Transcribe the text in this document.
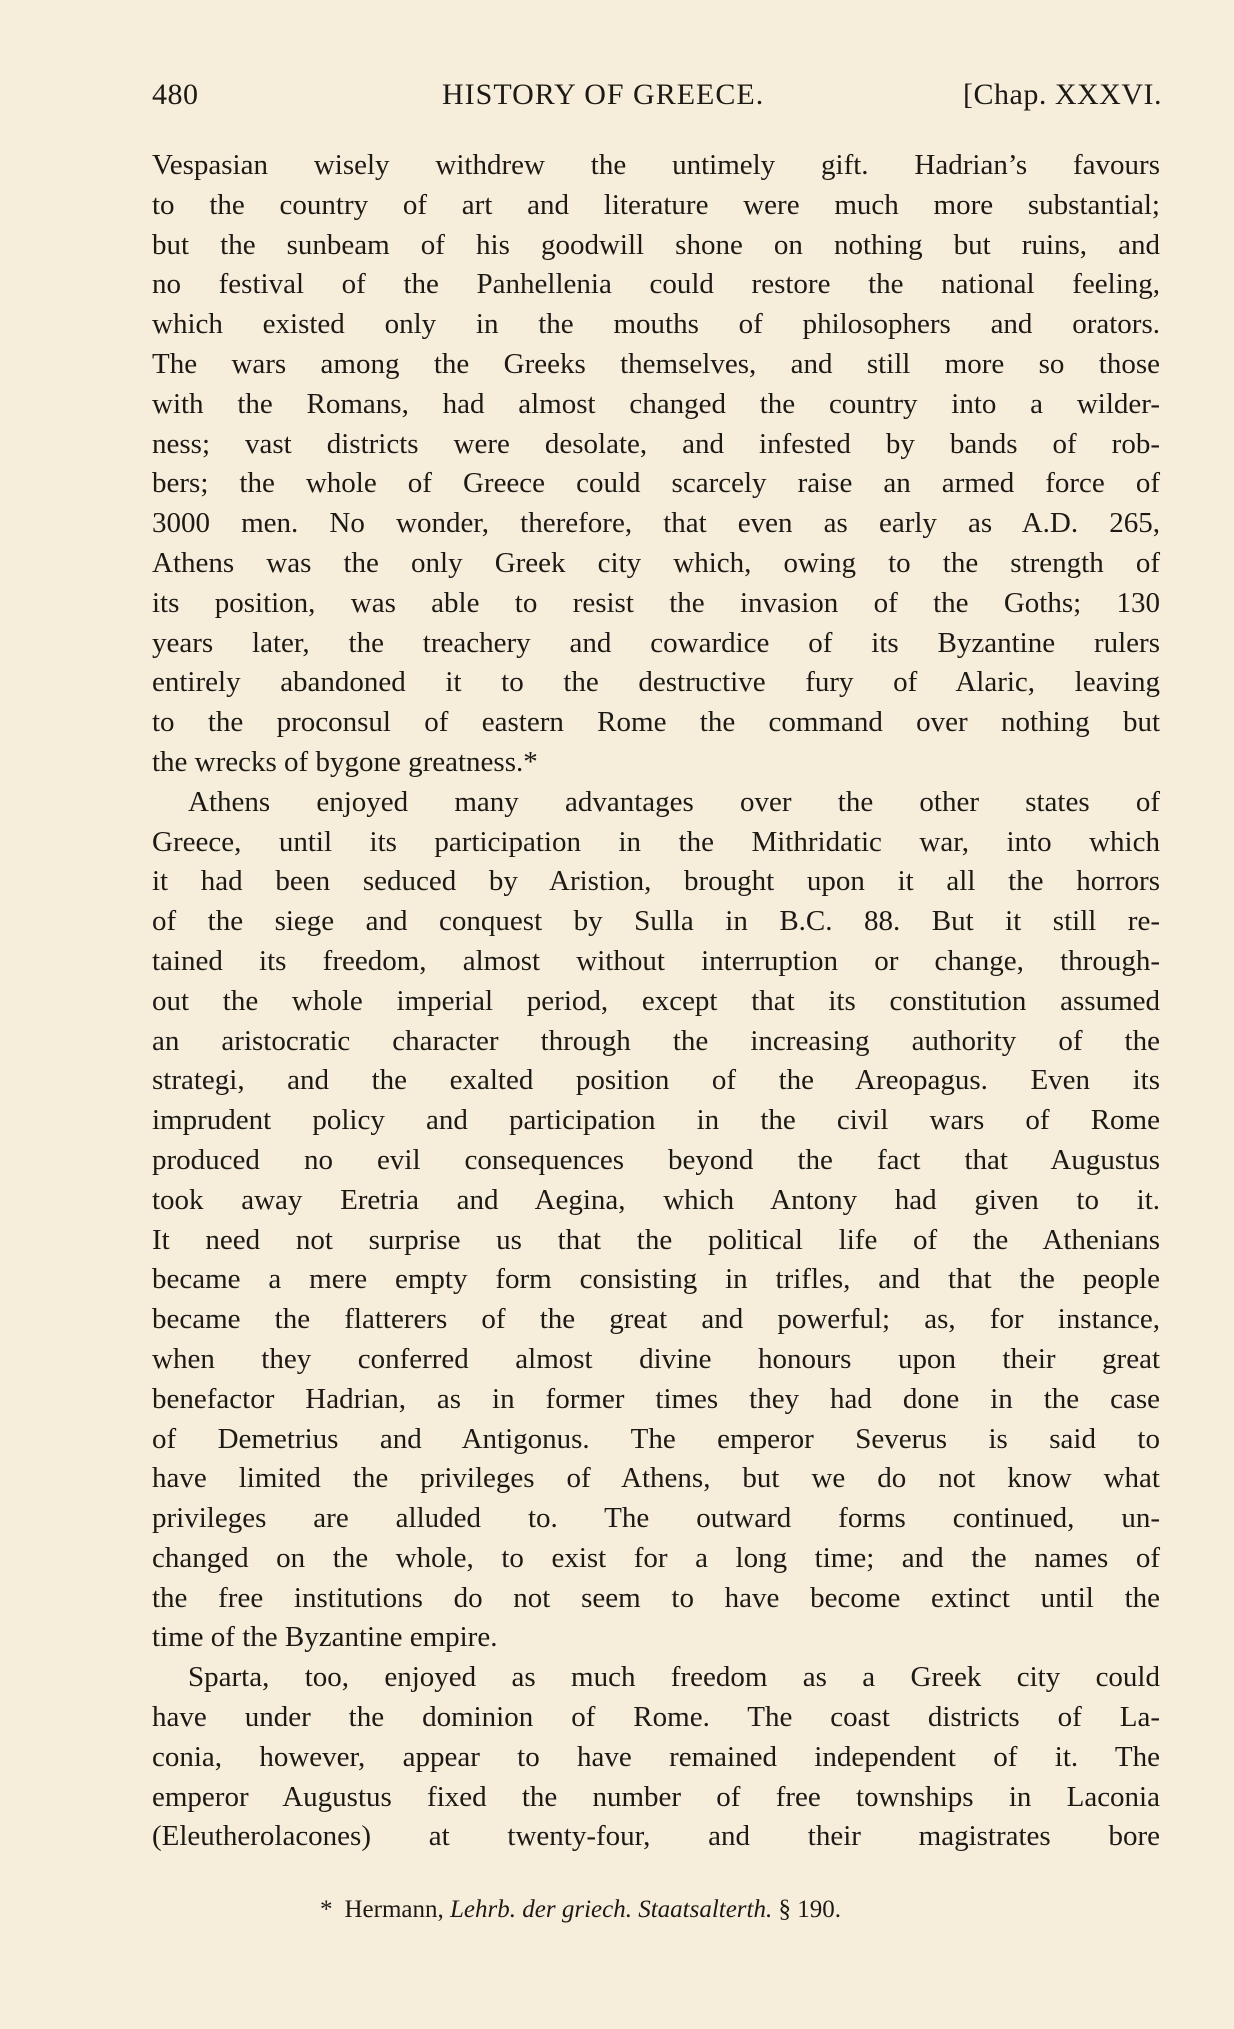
480	HISTORY OF GREECE.	[Chap. XXXVI.
Vespasian wisely withdrew the untimely gift. Hadrian’s favours
to the country of art and literature were much more substantial;
but the sunbeam of his goodwill shone on nothing but ruins, and
no festival of the Panhellenia could restore the national feeling,
which existed only in the mouths of philosophers and orators.
The wars among the Greeks themselves, and still more so those
with the Romans, had almost changed the country into a wilder-
ness; vast districts were desolate, and infested by bands of rob-
bers; the whole of Greece could scarcely raise an armed force of
3000 men. No wonder, therefore, that even as early as A.D. 265,
Athens was the only Greek city which, owing to the strength of
its position, was able to resist the invasion of the Goths; 130
years later, the treachery and cowardice of its Byzantine rulers
entirely abandoned it to the destructive fury of Alaric, leaving
to the proconsul of eastern Rome the command over nothing but
the wrecks of bygone greatness.*
Athens enjoyed many advantages over the other states of
Greece, until its participation in the Mithridatic war, into which
it had been seduced by Aristion, brought upon it all the horrors
of the siege and conquest by Sulla in B.C. 88. But it still re-
tained its freedom, almost without interruption or change, through-
out the whole imperial period, except that its constitution assumed
an aristocratic character through the increasing authority of the
strategi, and the exalted position of the Areopagus. Even its
imprudent policy and participation in the civil wars of Rome
produced no evil consequences beyond the fact that Augustus
took away Eretria and Aegina, which Antony had given to it.
It need not surprise us that the political life of the Athenians
became a mere empty form consisting in trifles, and that the people
became the flatterers of the great and powerful; as, for instance,
when they conferred almost divine honours upon their great
benefactor Hadrian, as in former times they had done in the case
of Demetrius and Antigonus. The emperor Severus is said to
have limited the privileges of Athens, but we do not know what
privileges are alluded to. The outward forms continued, un-
changed on the whole, to exist for a long time; and the names of
the free institutions do not seem to have become extinct until the
time of the Byzantine empire.
Sparta, too, enjoyed as much freedom as a Greek city could
have under the dominion of Rome. The coast districts of La-
conia, however, appear to have remained independent of it. The
emperor Augustus fixed the number of free townships in Laconia
(Eleutherolacones) at twenty-four, and their magistrates bore
* Hermann, Lehrb. der griech. Staatsalterth. § 190.
